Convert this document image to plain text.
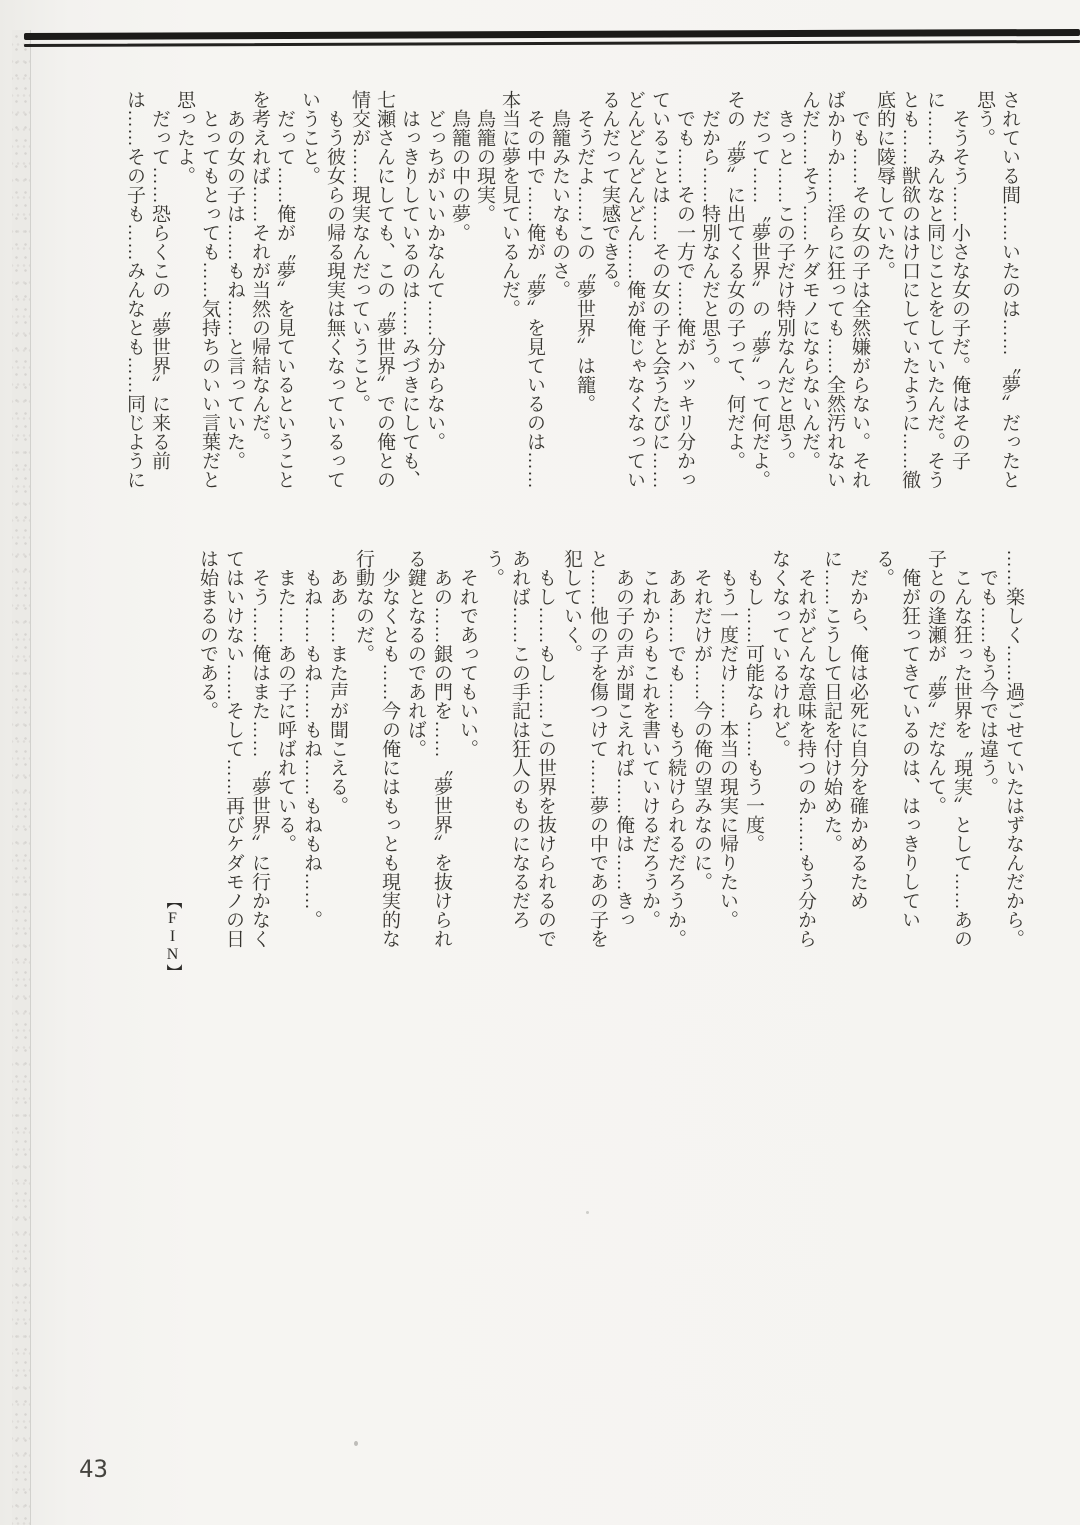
されている間……いたのは……〝夢〟だったと思う。

そうそう……小さな女の子だ。俺はその子に……みんなと同じことをしていたんだ。そうとも……獣欲のはけ口にしていたように……徹底的に陵辱していた。

でも……その女の子は全然嫌がらない。そればかりか……淫らに狂っても……全然汚れないんだ……そう……ケダモノにならないんだ。

きっと……この子だけ特別なんだと思う。

だって……〝夢世界〟の〝夢〟って何だよ。その〝夢〟に出てくる女の子って、何だよ。

だから……特別なんだと思う。

でも……その一方で……俺がハッキリ分かっていることは……その女の子と会うたびに……どんどんどんどん……俺が俺じゃなくなっているんだって実感できる。

そうだよ……この〝夢世界〟は籠。

鳥籠みたいなものさ。

その中で……俺が〝夢〟を見ているのは……本当に夢を見ているんだ。

鳥籠の現実。

鳥籠の中の夢。

どっちがいいかなんて……分からない。

はっきりしているのは……みづきにしても、七瀬さんにしても、この〝夢世界〟での俺との情交が……現実なんだっていうこと。

もう彼女らの帰る現実は無くなっているっていうこと。

だって……俺が〝夢〟を見ているということを考えれば……それが当然の帰結なんだ。

あの女の子は……もね……と言っていた。

とってもとっても……気持ちのいい言葉だと思ったよ。

だって……恐らくこの〝夢世界〟に来る前は……その子も……みんなとも……同じように

……楽しく……過ごせていたはずなんだから。

でも……もう今では違う。

こんな狂った世界を〝現実〟として……あの子との逢瀬が〝夢〟だなんて。

俺が狂ってきているのは、はっきりしている。

だから、俺は必死に自分を確かめるために……こうして日記を付け始めた。

それがどんな意味を持つのか……もう分からなくなっているけれど。

もし……可能なら……もう一度。

もう一度だけ……本当の現実に帰りたい。

それだけが……今の俺の望みなのに。

ああ……でも……もう続けられるだろうか。

これからもこれを書いていけるだろうか。

あの子の声が聞こえれば……俺は……きっと……他の子を傷つけて……夢の中であの子を犯していく。

もし……もし……この世界を抜けられるのであれば……この手記は狂人のものになるだろう。

それであってもいい。

あの……銀の門を……〝夢世界〟を抜けられる鍵となるのであれば。

少なくとも……今の俺にはもっとも現実的な行動なのだ。

ああ……また声が聞こえる。

もね……もね……もね……もねもね……。

また……あの子に呼ばれている。

そう……俺はまた……〝夢世界〟に行かなくてはいけない……そして……再びケダモノの日は始まるのである。

【FIN】
43
